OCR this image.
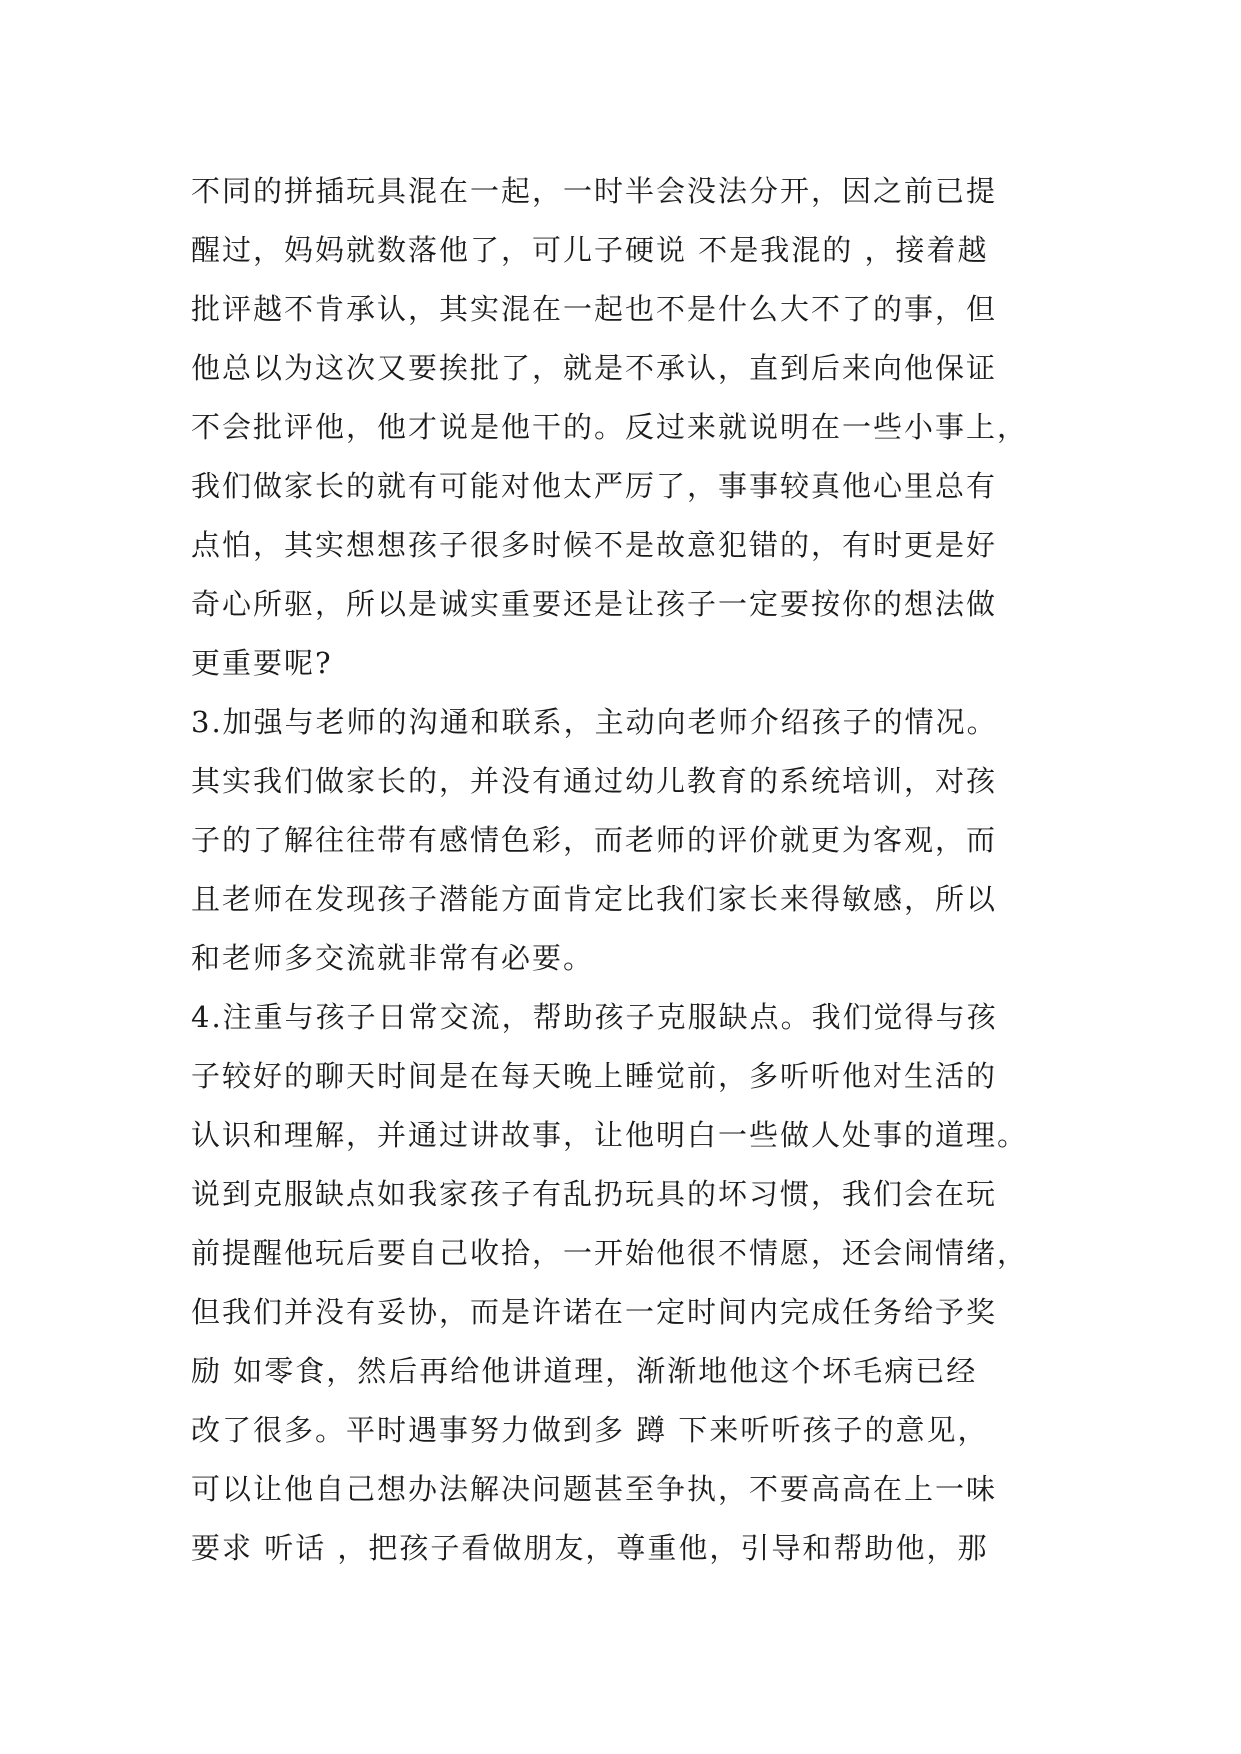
不同的拼插玩具混在一起，一时半会没法分开，因之前已提
醒过，妈妈就数落他了，可儿子硬说 不是我混的 ，接着越
批评越不肯承认，其实混在一起也不是什么大不了的事，但
他总以为这次又要挨批了，就是不承认，直到后来向他保证
不会批评他，他才说是他干的。反过来就说明在一些小事上，
我们做家长的就有可能对他太严厉了，事事较真他心里总有
点怕，其实想想孩子很多时候不是故意犯错的，有时更是好
奇心所驱，所以是诚实重要还是让孩子一定要按你的想法做
更重要呢?
3.加强与老师的沟通和联系，主动向老师介绍孩子的情况。
其实我们做家长的，并没有通过幼儿教育的系统培训，对孩
子的了解往往带有感情色彩，而老师的评价就更为客观，而
且老师在发现孩子潜能方面肯定比我们家长来得敏感，所以
和老师多交流就非常有必要。
4.注重与孩子日常交流，帮助孩子克服缺点。我们觉得与孩
子较好的聊天时间是在每天晚上睡觉前，多听听他对生活的
认识和理解，并通过讲故事，让他明白一些做人处事的道理。
说到克服缺点如我家孩子有乱扔玩具的坏习惯，我们会在玩
前提醒他玩后要自己收拾，一开始他很不情愿，还会闹情绪，
但我们并没有妥协，而是许诺在一定时间内完成任务给予奖
励 如零食，然后再给他讲道理，渐渐地他这个坏毛病已经
改了很多。平时遇事努力做到多 蹲 下来听听孩子的意见，
可以让他自己想办法解决问题甚至争执，不要高高在上一味
要求 听话 ，把孩子看做朋友，尊重他，引导和帮助他，那
